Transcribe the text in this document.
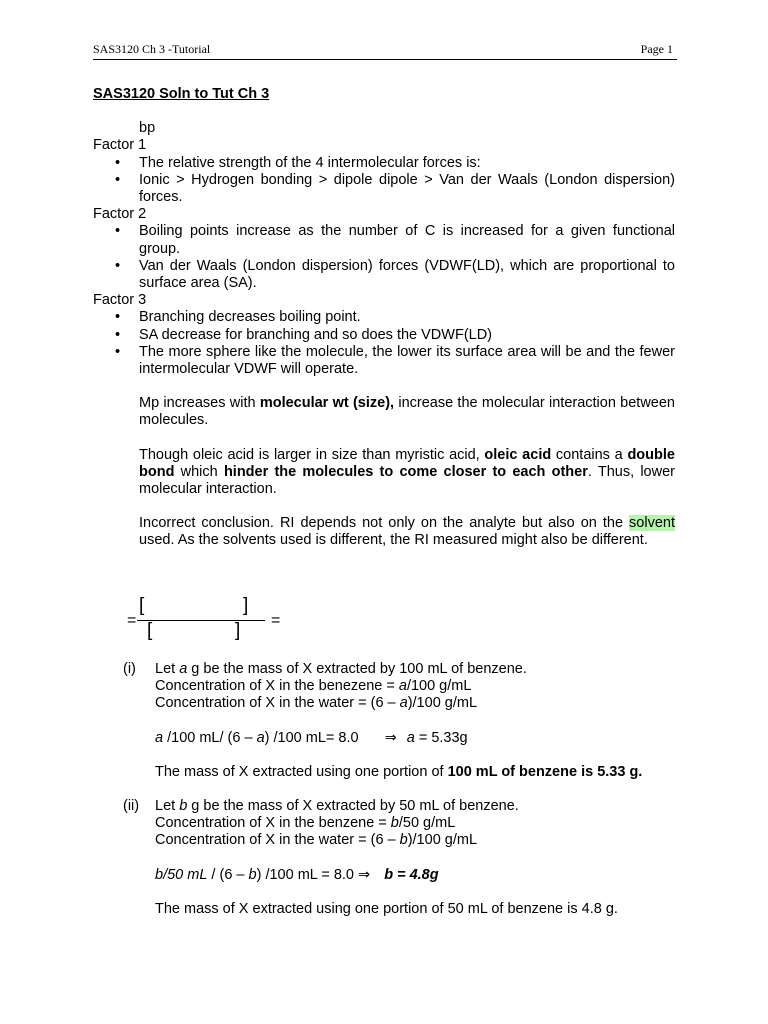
SAS3120 Ch 3 -Tutorial	Page 1
SAS3120 Soln to Tut Ch 3
bp
Factor 1
• The relative strength of the 4 intermolecular forces is:
• Ionic > Hydrogen bonding > dipole dipole > Van der Waals (London dispersion) forces.
Factor 2
• Boiling points increase as the number of C is increased for a given functional group.
• Van der Waals (London dispersion) forces (VDWF(LD), which are proportional to surface area (SA).
Factor 3
• Branching decreases boiling point.
• SA decrease for branching and so does the VDWF(LD)
• The more sphere like the molecule, the lower its surface area will be and the fewer intermolecular VDWF will operate.

Mp increases with molecular wt (size), increase the molecular interaction between molecules.

Though oleic acid is larger in size than myristic acid, oleic acid contains a double bond which hinder the molecules to come closer to each other. Thus, lower molecular interaction.

Incorrect conclusion. RI depends not only on the analyte but also on the solvent used. As the solvents used is different, the RI measured might also be different.

=
[	]
[	] =
(i) Let a g be the mass of X extracted by 100 mL of benzene.
Concentration of X in the benezene = a/100 g/mL
Concentration of X in the water = (6 – a)/100 g/mL
a /100 mL/ (6 – a) /100 mL= 8.0 ⇒ a = 5.33g
The mass of X extracted using one portion of 100 mL of benzene is 5.33 g.
(ii) Let b g be the mass of X extracted by 50 mL of benzene.
Concentration of X in the benzene = b/50 g/mL
Concentration of X in the water = (6 – b)/100 g/mL
b/50 mL / (6 – b) /100 mL = 8.0 ⇒ b = 4.8g
The mass of X extracted using one portion of 50 mL of benzene is 4.8 g.
